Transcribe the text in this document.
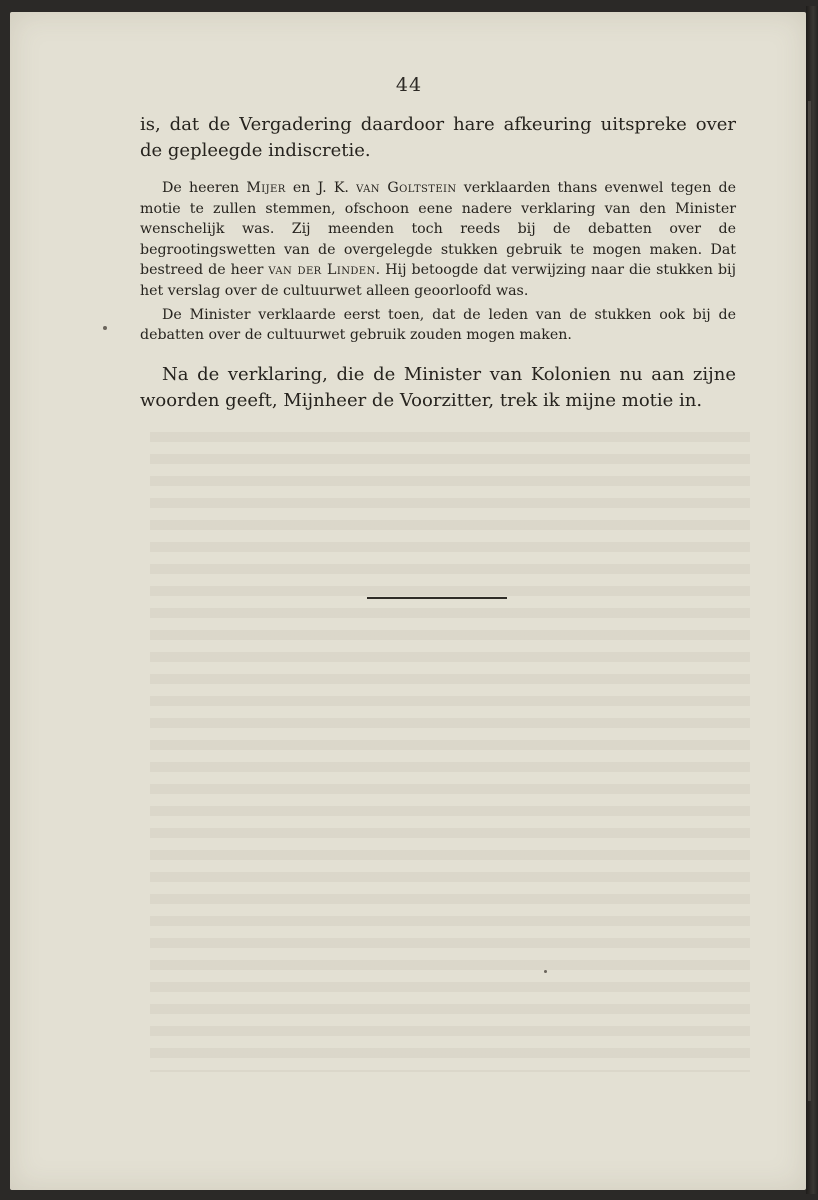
44

is, dat de Vergadering daardoor hare afkeuring uitspreke over de gepleegde indiscretie.

De heeren Mijer en J. K. van Goltstein verklaarden thans evenwel tegen de motie te zullen stemmen, ofschoon eene nadere verklaring van den Minister wenschelijk was. Zij meenden toch reeds bij de debatten over de begrootingswetten van de overgelegde stukken gebruik te mogen maken. Dat bestreed de heer van der Linden. Hij betoogde dat verwijzing naar die stukken bij het verslag over de cultuurwet alleen geoorloofd was.

De Minister verklaarde eerst toen, dat de leden van de stukken ook bij de debatten over de cultuurwet gebruik zouden mogen maken.

Na de verklaring, die de Minister van Kolonien nu aan zijne woorden geeft, Mijnheer de Voorzitter, trek ik mijne motie in.
